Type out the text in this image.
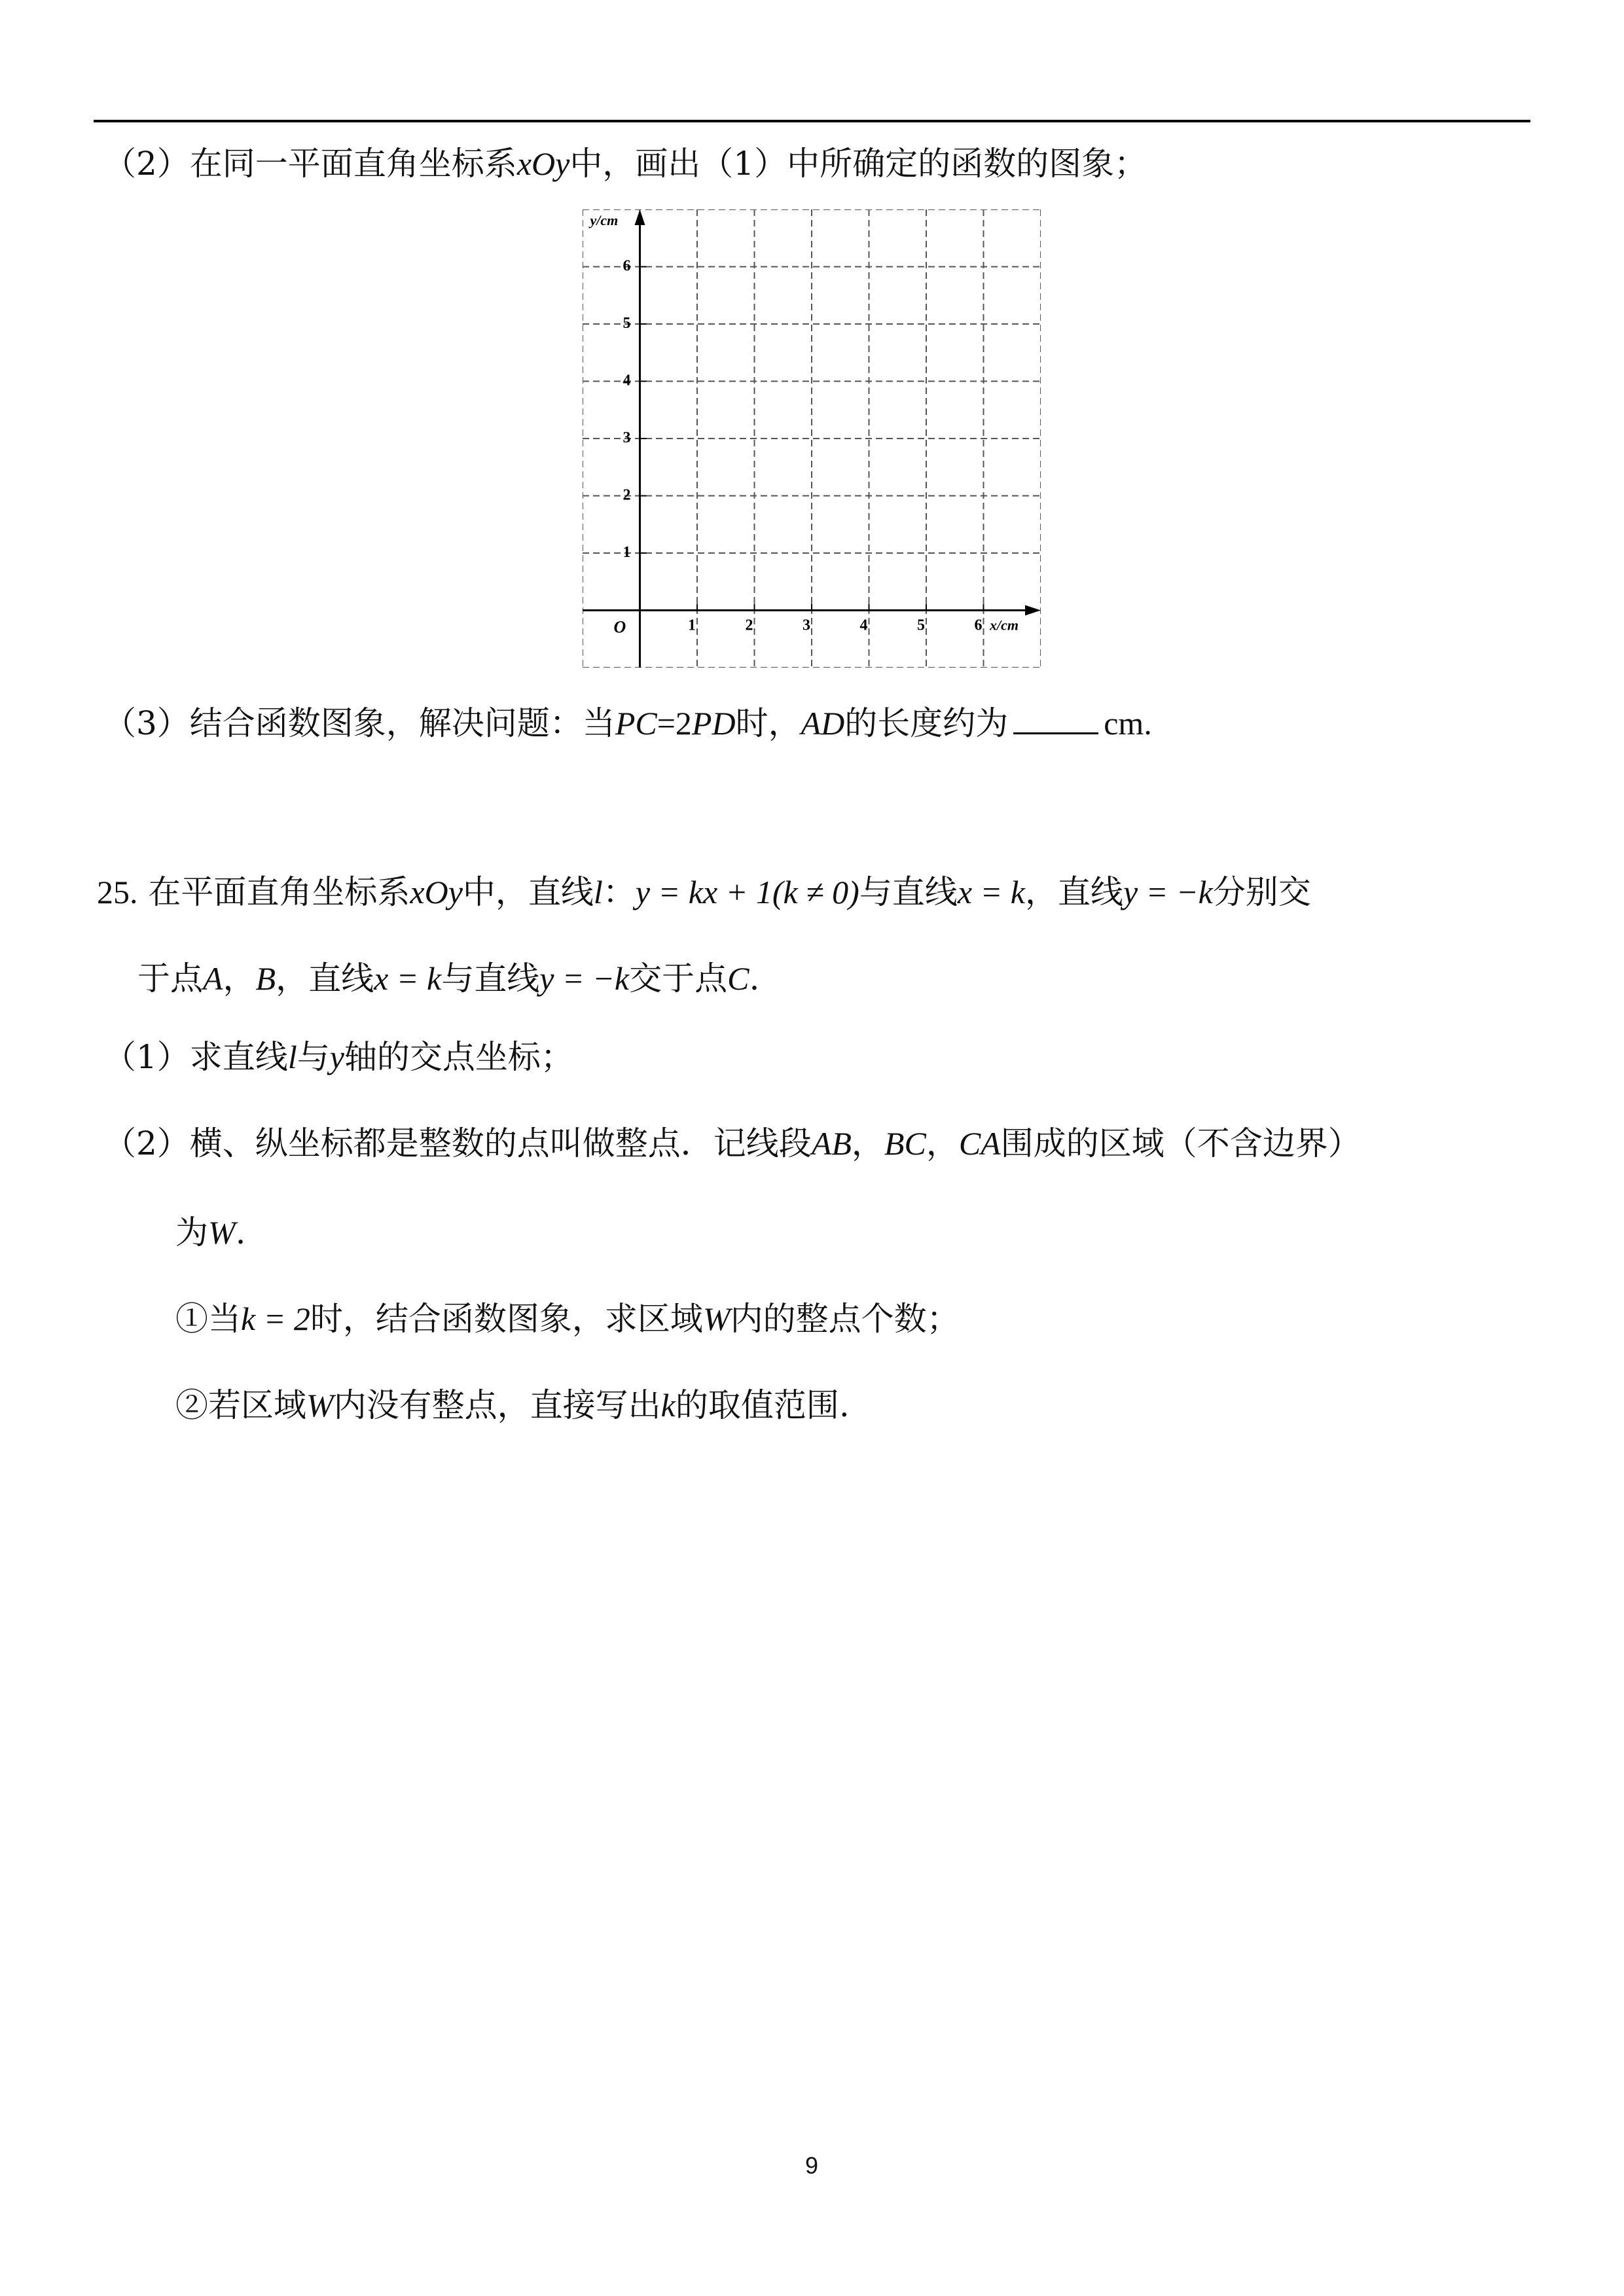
（2）在同一平面直角坐标系xOy中，画出（1）中所确定的函数的图象；
1	2	3	4	5	6
1
2
3
4
5
6
O	x/cm
y/cm
（3）结合函数图象，解决问题：当PC=2PD时，AD的长度约为	cm.
25. 在平面直角坐标系xOy中，直线l：y = kx + 1(k ≠ 0)与直线x = k，直线y = −k分别交
于点A，B，直线x = k与直线y = −k交于点C.
（1）求直线l与y轴的交点坐标；
（2）横、纵坐标都是整数的点叫做整点．记线段AB，BC，CA围成的区域（不含边界）
为W.
①当k = 2时，结合函数图象，求区域W内的整点个数；
②若区域W内没有整点，直接写出k的取值范围.
9
